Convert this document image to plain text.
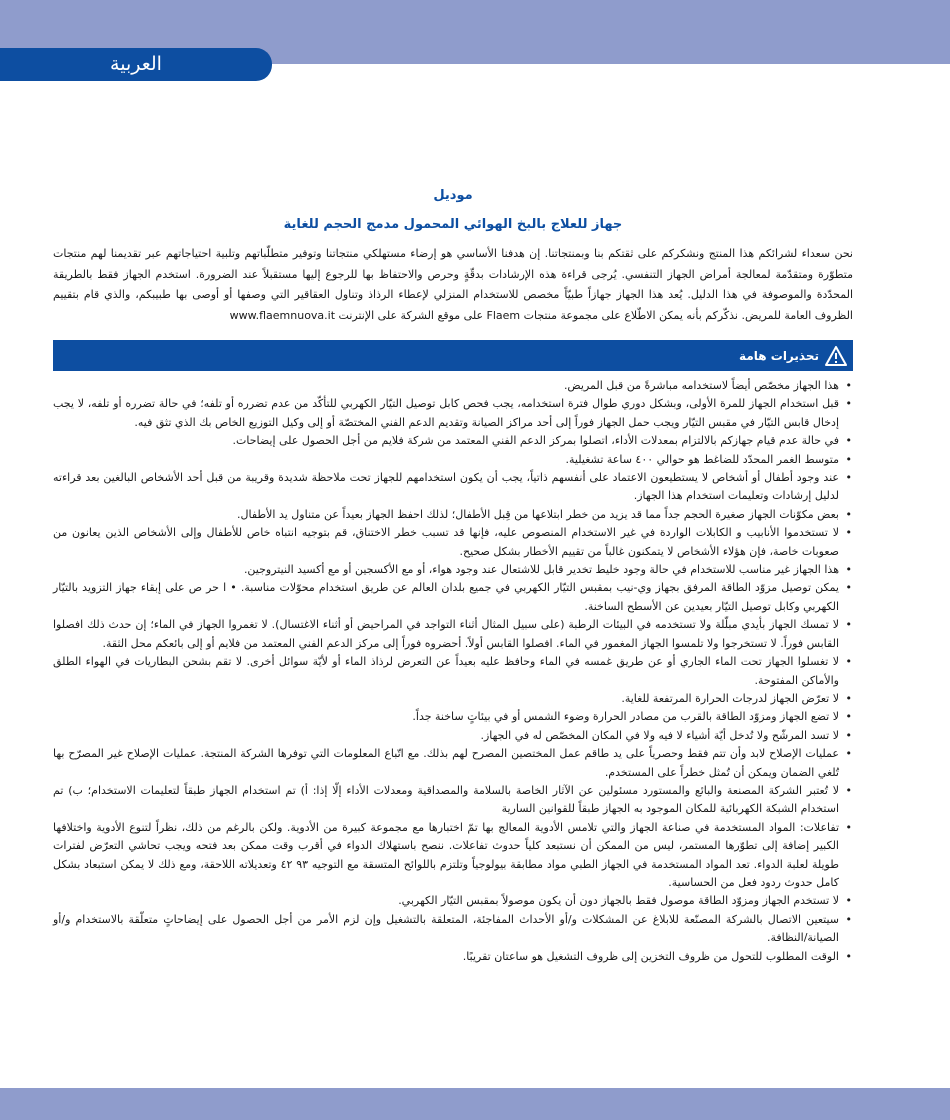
العربية
موديل
جهاز للعلاج بالبخ الهوائي المحمول مدمج الحجم للغاية

نحن سعداء لشرائكم هذا المنتج ونشكركم على ثقتكم بنا وبمنتجاتنا. إن هدفنا الأساسي هو إرضاء مستهلكي منتجاتنا وتوفير متطلّباتهم وتلبية احتياجاتهم عبر تقديمنا لهم منتجات متطوّرة ومتقدّمة لمعالجة أمراض الجهاز التنفسي. يُرجى قراءة هذه الإرشادات بدقّةٍ وحرص والاحتفاظ بها للرجوع إليها مستقبلاً عند الضرورة. استخدم الجهاز فقط بالطريقة المحدّدة والموصوفة في هذا الدليل. يُعد هذا الجهاز جهازاً طبيّاً مخصص للاستخدام المنزلي لإعطاء الرذاذ وتناول العقاقير التي وصفها أو أوصى بها طبيبكم، والذي قام بتقييم الظروف العامة للمريض. نذكّركم بأنه يمكن الاطّلاع على مجموعة منتجات Flaem على موقع الشركة على الإنترنت www.flaemnuova.it

تحذيرات هامة
•
هذا الجهاز مخصّص أيضاً لاستخدامه مباشرةً من قبل المريض.
•
قبل استخدام الجهاز للمرة الأولى، وبشكل دوري طوال فترة استخدامه، يجب فحص كابل توصيل التيّار الكهربي للتأكّد من عدم تضرره أو تلفه؛ في حالة تضرره أو تلفه، لا يجب إدخال قابس التيّار في مقبس التيّار ويجب حمل الجهاز فوراً إلى أحد مراكز الصيانة وتقديم الدعم الفني المختصّة أو إلى وكيل التوزيع الخاص بك الذي تثق فيه.
•
في حالة عدم قيام جهازكم بالالتزام بمعدلات الأداء، اتصلوا بمركز الدعم الفني المعتمد من شركة فلايم من أجل الحصول على إيضاحات.
•
متوسط الغمر المحدّد للضاغط هو حوالي ٤٠٠ ساعة تشغيلية.
•
عند وجود أطفال أو أشخاص لا يستطيعون الاعتماد على أنفسهم ذاتياً، يجب أن يكون استخدامهم للجهاز تحت ملاحظة شديدة وقريبة من قبل أحد الأشخاص البالغين بعد قراءته لدليل إرشادات وتعليمات استخدام هذا الجهاز.
•
بعض مكوّنات الجهاز صغيرة الحجم جداً مما قد يزيد من خطر ابتلاعها من قِبل الأطفال؛ لذلك احفظ الجهاز بعيداً عن متناول يد الأطفال.
•
لا تستخدموا الأنابيب و الكابلات الواردة في غير الاستخدام المنصوص عليه، فإنها قد تسبب خطر الاختناق، قم بتوجيه انتباه خاص للأطفال وإلى الأشخاص الذين يعانون من صعوبات خاصة، فإن هؤلاء الأشخاص لا يتمكنون غالباً من تقييم الأخطار بشكل صحيح.
•
هذا الجهاز غير مناسب للاستخدام في حالة وجود خليط تخدير قابل للاشتعال عند وجود هواء، أو مع الأكسجين أو مع أكسيد النيتروجين.
•
يمكن توصيل مزوّد الطاقة المرفق بجهاز وي-نيب بمقبس التيّار الكهربي في جميع بلدان العالم عن طريق استخدام محوّلات مناسبة. • ا حر ص على إبقاء جهاز التزويد بالتيّار الكهربي وكابل توصيل التيّار بعيدين عن الأسطح الساخنة.
•
لا تمسك الجهاز بأيدي مبلّلة ولا تستخدمه في البيئات الرطبة (على سبيل المثال أثناء التواجد في المراحيض أو أثناء الاغتسال). لا تغمروا الجهاز في الماء؛ إن حدث ذلك افصلوا القابس فوراً. لا تستخرجوا ولا تلمسوا الجهاز المغمور في الماء. افصلوا القابس أولاً. أحضروه فوراً إلى مركز الدعم الفني المعتمد من فلايم أو إلى بائعكم محل الثقة.
•
لا تغسلوا الجهاز تحت الماء الجاري أو عن طريق غمسه في الماء وحافظ عليه بعيداً عن التعرض لرذاذ الماء أو لأيّة سوائل أخرى. لا تقم بشحن البطاريات في الهواء الطلق والأماكن المفتوحة.
•
لا تعرّض الجهاز لدرجات الحرارة المرتفعة للغاية.
•
لا تضع الجهاز ومزوّد الطاقة بالقرب من مصادر الحرارة وضوء الشمس أو في بيئاتٍ ساخنة جداً.
•
لا تسد المرشّح ولا تُدخل أيّة أشياء لا فيه ولا في المكان المخصّص له في الجهاز.
•
عمليات الإصلاح لابد وأن تتم فقط وحصرياً على يد طاقم عمل المختصين المصرح لهم بذلك. مع اتّباع المعلومات التي توفرها الشركة المنتجة. عمليات الإصلاح غير المصرّح بها تُلغي الضمان ويمكن أن تُمثل خطراً على المستخدم.
•
لا تُعتبر الشركة المصنعة والبائع والمستورد مسئولين عن الآثار الخاصة بالسلامة والمصداقية ومعدلات الأداء إلّا إذا: أ) تم استخدام الجهاز طبقاً لتعليمات الاستخدام؛ ب) تم استخدام الشبكة الكهربائية للمكان الموجود به الجهاز طبقاً للقوانين السارية
•
تفاعلات: المواد المستخدمة في صناعة الجهاز والتي تلامس الأدوية المعالج بها تمّ اختبارها مع مجموعة كبيرة من الأدوية. ولكن بالرغم من ذلك، نظراً لتنوع الأدوية واختلافها الكبير إضافة إلى تطوّرها المستمر، ليس من الممكن أن نستبعد كلياً حدوث تفاعلات. ننصح باستهلاك الدواء في أقرب وقت ممكن بعد فتحه ويجب تحاشي التعرّض لفترات طويلة لعلبة الدواء. تعد المواد المستخدمة في الجهاز الطبي مواد مطابقة بيولوجياً وتلتزم باللوائح المتسقة مع التوجيه ٩٣ ٤٢ وتعديلاته اللاحقة، ومع ذلك لا يمكن استبعاد بشكل كامل حدوث ردود فعل من الحساسية.
•
لا تستخدم الجهاز ومزوّد الطاقة موصول فقط بالجهاز دون أن يكون موصولاً بمقبس التيّار الكهربي.
•
سيتعين الاتصال بالشركة المصنّعة للابلاغ عن المشكلات و/أو الأحداث المفاجئة، المتعلقة بالتشغيل وإن لزم الأمر من أجل الحصول على إيضاحاتٍ متعلّقة بالاستخدام و/أو الصيانة/النظافة.
•
الوقت المطلوب للتحول من ظروف التخزين إلى ظروف التشغيل هو ساعتان تقريبًا.
